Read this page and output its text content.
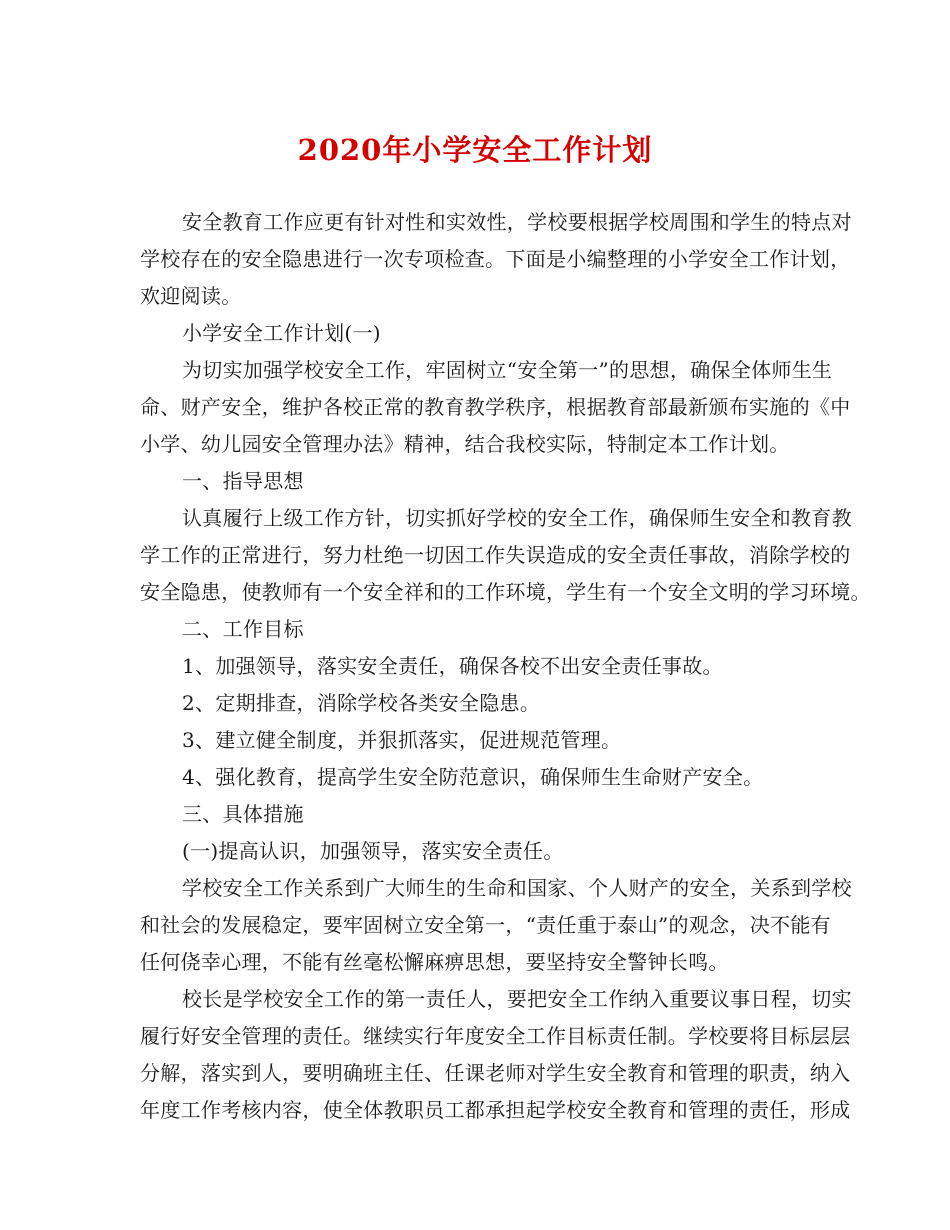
2020年小学安全工作计划
安全教育工作应更有针对性和实效性，学校要根据学校周围和学生的特点对
学校存在的安全隐患进行一次专项检查。下面是小编整理的小学安全工作计划，
欢迎阅读。
小学安全工作计划(一)
为切实加强学校安全工作，牢固树立“安全第一”的思想，确保全体师生生
命、财产安全，维护各校正常的教育教学秩序，根据教育部最新颁布实施的《中
小学、幼儿园安全管理办法》精神，结合我校实际，特制定本工作计划。
一、指导思想
认真履行上级工作方针，切实抓好学校的安全工作，确保师生安全和教育教
学工作的正常进行，努力杜绝一切因工作失误造成的安全责任事故，消除学校的
安全隐患，使教师有一个安全祥和的工作环境，学生有一个安全文明的学习环境。
二、工作目标
1、加强领导，落实安全责任，确保各校不出安全责任事故。
2、定期排查，消除学校各类安全隐患。
3、建立健全制度，并狠抓落实，促进规范管理。
4、强化教育，提高学生安全防范意识，确保师生生命财产安全。
三、具体措施
(一)提高认识，加强领导，落实安全责任。
学校安全工作关系到广大师生的生命和国家、个人财产的安全，关系到学校
和社会的发展稳定，要牢固树立安全第一，“责任重于泰山”的观念，决不能有
任何侥幸心理，不能有丝毫松懈麻痹思想，要坚持安全警钟长鸣。
校长是学校安全工作的第一责任人，要把安全工作纳入重要议事日程，切实
履行好安全管理的责任。继续实行年度安全工作目标责任制。学校要将目标层层
分解，落实到人，要明确班主任、任课老师对学生安全教育和管理的职责，纳入
年度工作考核内容，使全体教职员工都承担起学校安全教育和管理的责任，形成
